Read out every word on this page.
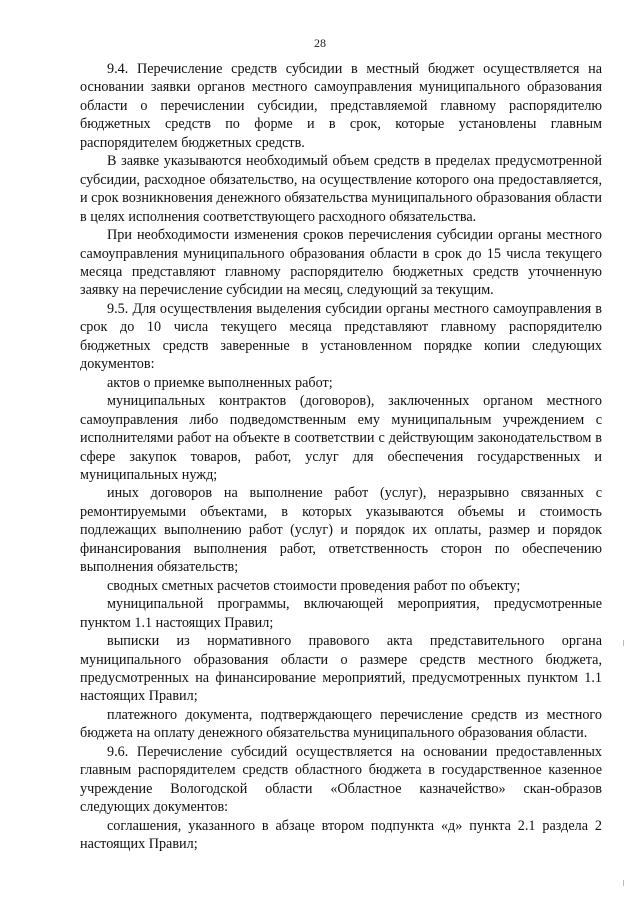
28

9.4. Перечисление средств субсидии в местный бюджет осуществляется на основании заявки органов местного самоуправления муниципального образования области о перечислении субсидии, представляемой главному распорядителю бюджетных средств по форме и в срок, которые установлены главным распорядителем бюджетных средств.

В заявке указываются необходимый объем средств в пределах предусмотренной субсидии, расходное обязательство, на осуществление которого она предоставляется, и срок возникновения денежного обязательства муниципального образования области в целях исполнения соответствующего расходного обязательства.

При необходимости изменения сроков перечисления субсидии органы местного самоуправления муниципального образования области в срок до 15 числа текущего месяца представляют главному распорядителю бюджетных средств уточненную заявку на перечисление субсидии на месяц, следующий за текущим.

9.5. Для осуществления выделения субсидии органы местного самоуправления в срок до 10 числа текущего месяца представляют главному распорядителю бюджетных средств заверенные в установленном порядке копии следующих документов:

актов о приемке выполненных работ;

муниципальных контрактов (договоров), заключенных органом местного самоуправления либо подведомственным ему муниципальным учреждением с исполнителями работ на объекте в соответствии с действующим законодательством в сфере закупок товаров, работ, услуг для обеспечения государственных и муниципальных нужд;

иных договоров на выполнение работ (услуг), неразрывно связанных с ремонтируемыми объектами, в которых указываются объемы и стоимость подлежащих выполнению работ (услуг) и порядок их оплаты, размер и порядок финансирования выполнения работ, ответственность сторон по обеспечению выполнения обязательств;

сводных сметных расчетов стоимости проведения работ по объекту;

муниципальной программы, включающей мероприятия, предусмотренные пунктом 1.1 настоящих Правил;

выписки из нормативного правового акта представительного органа муниципального образования области о размере средств местного бюджета, предусмотренных на финансирование мероприятий, предусмотренных пунктом 1.1 настоящих Правил;

платежного документа, подтверждающего перечисление средств из местного бюджета на оплату денежного обязательства муниципального образования области.

9.6. Перечисление субсидий осуществляется на основании предоставленных главным распорядителем средств областного бюджета в государственное казенное учреждение Вологодской области «Областное казначейство» скан-образов следующих документов:

соглашения, указанного в абзаце втором подпункта «д» пункта 2.1 раздела 2 настоящих Правил;
